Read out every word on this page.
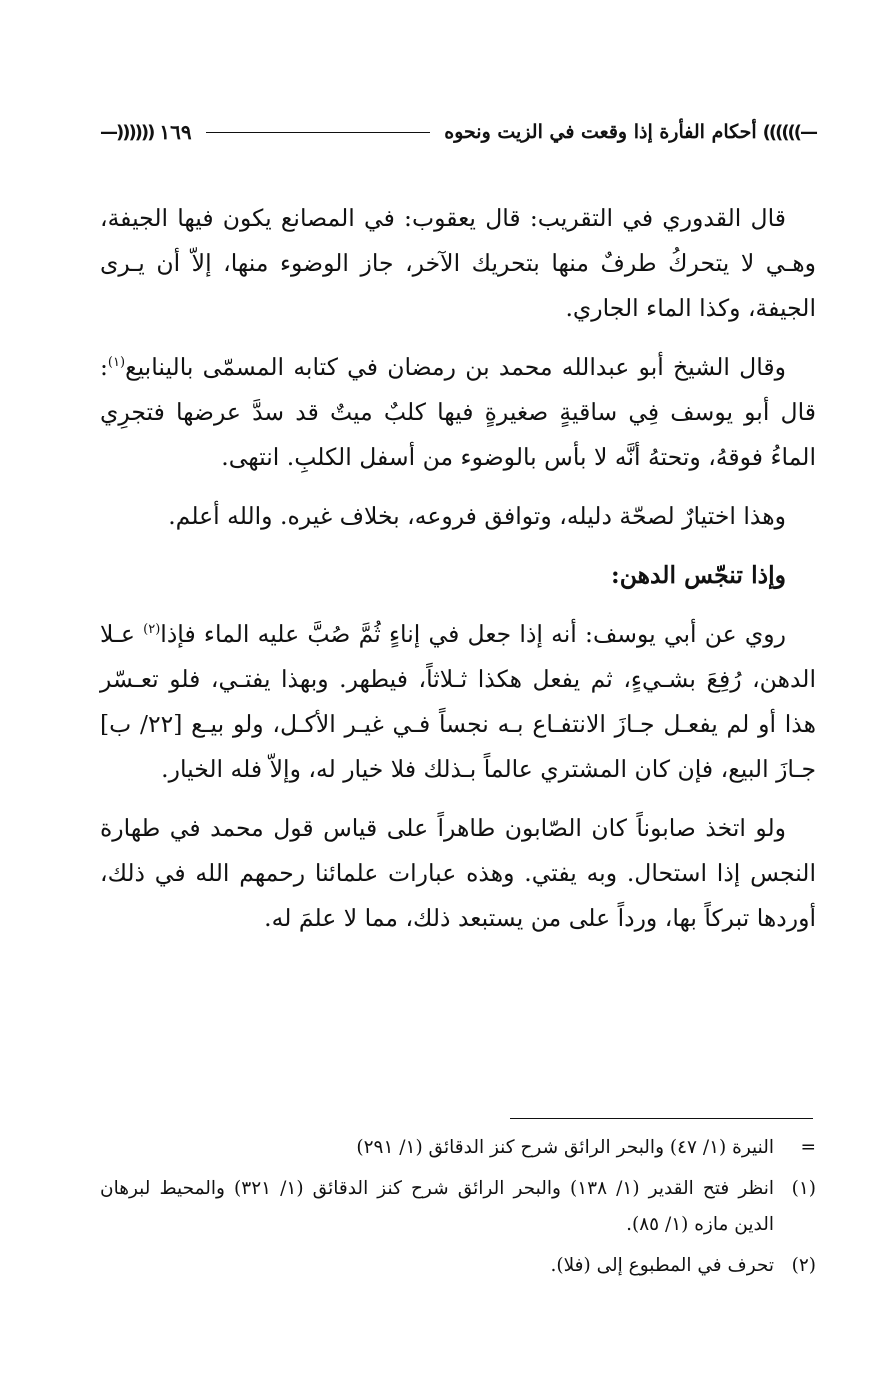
—))))))
أحكام الفأرة إذا وقعت في الزيت ونحوه
١٦٩
((((((—

قال القدوري في التقريب: قال يعقوب: في المصانع يكون فيها الجيفة، وهـي لا يتحركُ طرفٌ منها بتحريك الآخر، جاز الوضوء منها، إلاّ أن يـرى الجيفة، وكذا الماء الجاري.

وقال الشيخ أبو عبدالله محمد بن رمضان في كتابه المسمّى بالينابيع$^{(١)}$: قال أبو يوسف فِي ساقيةٍ صغيرةٍ فيها كلبٌ ميتٌ قد سدَّ عرضها فتجرِي الماءُ فوقهُ، وتحتهُ أنَّه لا بأس بالوضوء من أسفل الكلبِ. انتهى.

وهذا اختيارٌ لصحّة دليله، وتوافق فروعه، بخلاف غيره. والله أعلم.

وإذا تنجّس الدهن:

روي عن أبي يوسف: أنه إذا جعل في إناءٍ ثُمَّ صُبَّ عليه الماء فإذا$^{(٢)}$ عـلا الدهن، رُفِعَ بشـيءٍ، ثم يفعل هكذا ثـلاثاً، فيطهر. وبهذا يفتـي، فلو تعـسّر هذا أو لم يفعـل جـازَ الانتفـاع بـه نجساً فـي غيـر الأكـل، ولو بيـع [٢٢/ ب] جـازَ البيع، فإن كان المشتري عالماً بـذلك فلا خيار له، وإلاّ فله الخيار.

ولو اتخذ صابوناً كان الصّابون طاهراً على قياس قول محمد في طهارة النجس إذا استحال. وبه يفتي. وهذه عبارات علمائنا رحمهم الله في ذلك، أوردها تبركاً بها، ورداً على من يستبعد ذلك، مما لا علمَ له.

=
النيرة (١/ ٤٧) والبحر الرائق شرح كنز الدقائق (١/ ٢٩١)
(١)
انظر فتح القدير (١/ ١٣٨) والبحر الرائق شرح كنز الدقائق (١/ ٣٢١) والمحيط لبرهان الدين مازه (١/ ٨٥).
(٢)
تحرف في المطبوع إلى (فلا).
